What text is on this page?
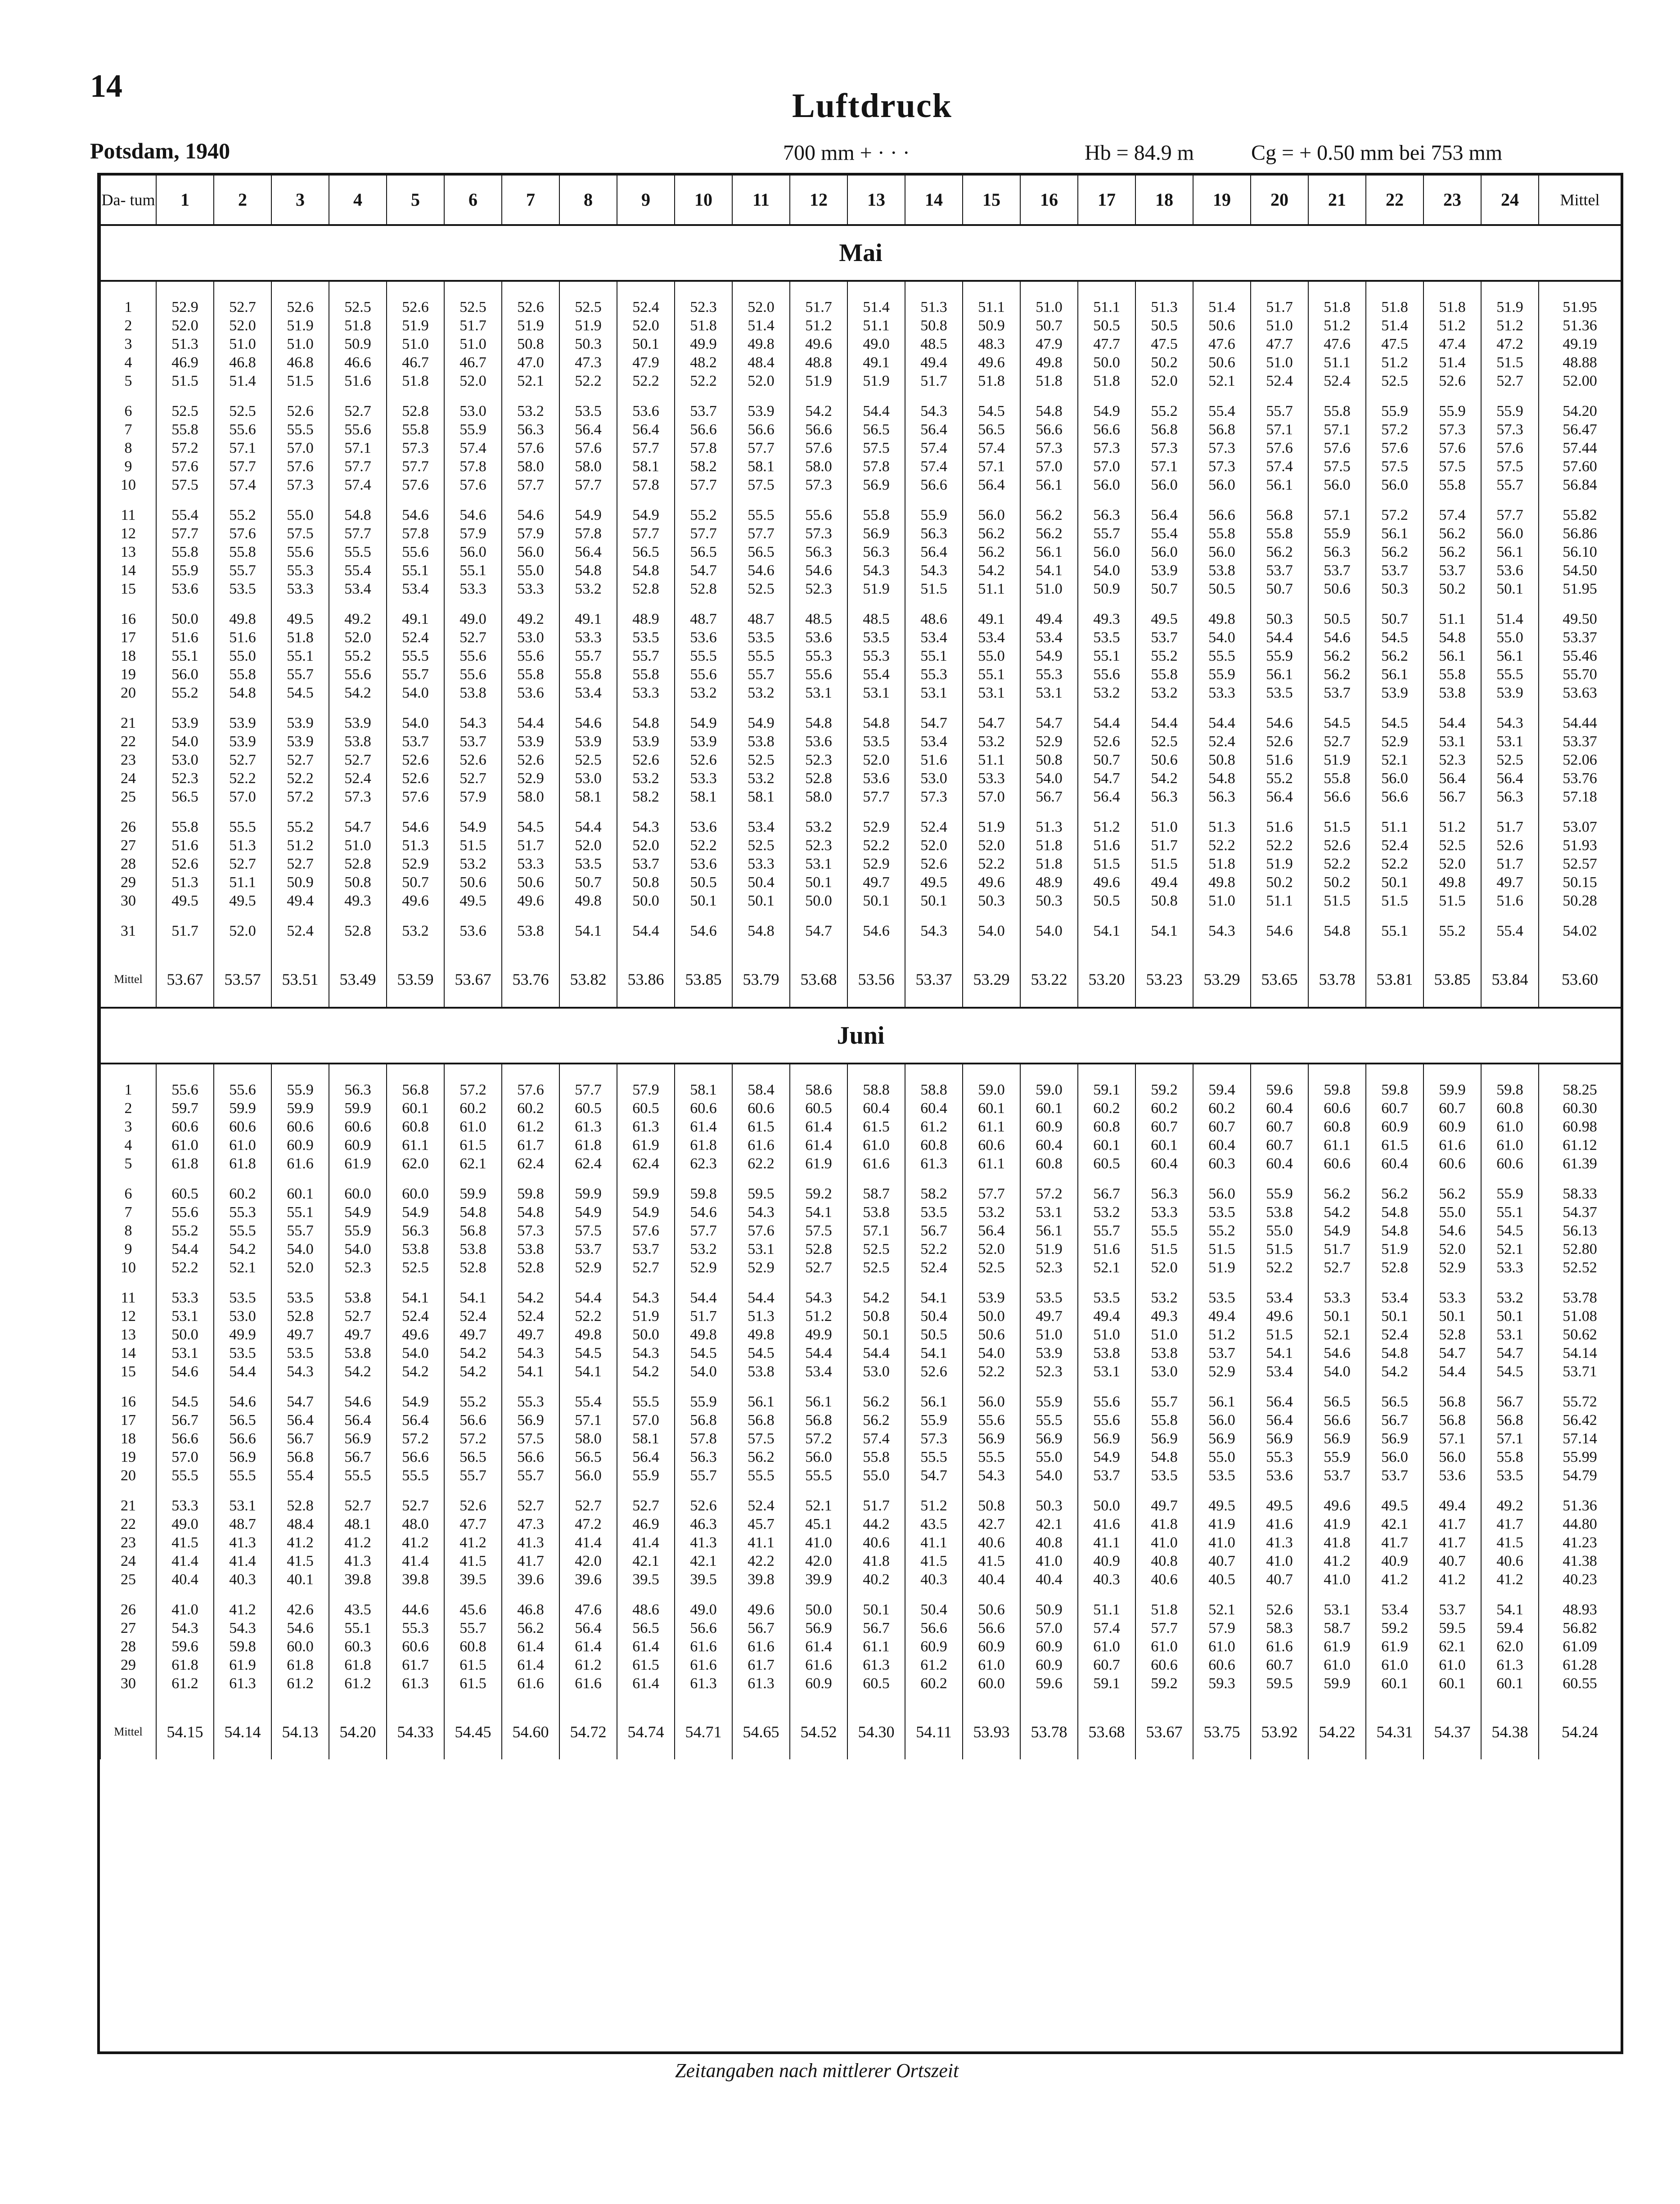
14
Luftdruck
Potsdam, 1940	700 mm + · · ·	Hb = 84.9 m	Cg = + 0.50 mm bei 753 mm
Da- tum	1	2	3	4	5	6	7	8	9	10	11	12	13	14	15	16	17	18	19	20	21	22	23	24	Mittel
Mai																									

1	52.9	52.7	52.6	52.5	52.6	52.5	52.6	52.5	52.4	52.3	52.0	51.7	51.4	51.3	51.1	51.0	51.1	51.3	51.4	51.7	51.8	51.8	51.8	51.9	51.95
2	52.0	52.0	51.9	51.8	51.9	51.7	51.9	51.9	52.0	51.8	51.4	51.2	51.1	50.8	50.9	50.7	50.5	50.5	50.6	51.0	51.2	51.4	51.2	51.2	51.36
3	51.3	51.0	51.0	50.9	51.0	51.0	50.8	50.3	50.1	49.9	49.8	49.6	49.0	48.5	48.3	47.9	47.7	47.5	47.6	47.7	47.6	47.5	47.4	47.2	49.19
4	46.9	46.8	46.8	46.6	46.7	46.7	47.0	47.3	47.9	48.2	48.4	48.8	49.1	49.4	49.6	49.8	50.0	50.2	50.6	51.0	51.1	51.2	51.4	51.5	48.88
5	51.5	51.4	51.5	51.6	51.8	52.0	52.1	52.2	52.2	52.2	52.0	51.9	51.9	51.7	51.8	51.8	51.8	52.0	52.1	52.4	52.4	52.5	52.6	52.7	52.00

6	52.5	52.5	52.6	52.7	52.8	53.0	53.2	53.5	53.6	53.7	53.9	54.2	54.4	54.3	54.5	54.8	54.9	55.2	55.4	55.7	55.8	55.9	55.9	55.9	54.20
7	55.8	55.6	55.5	55.6	55.8	55.9	56.3	56.4	56.4	56.6	56.6	56.6	56.5	56.4	56.5	56.6	56.6	56.8	56.8	57.1	57.1	57.2	57.3	57.3	56.47
8	57.2	57.1	57.0	57.1	57.3	57.4	57.6	57.6	57.7	57.8	57.7	57.6	57.5	57.4	57.4	57.3	57.3	57.3	57.3	57.6	57.6	57.6	57.6	57.6	57.44
9	57.6	57.7	57.6	57.7	57.7	57.8	58.0	58.0	58.1	58.2	58.1	58.0	57.8	57.4	57.1	57.0	57.0	57.1	57.3	57.4	57.5	57.5	57.5	57.5	57.60
10	57.5	57.4	57.3	57.4	57.6	57.6	57.7	57.7	57.8	57.7	57.5	57.3	56.9	56.6	56.4	56.1	56.0	56.0	56.0	56.1	56.0	56.0	55.8	55.7	56.84

11	55.4	55.2	55.0	54.8	54.6	54.6	54.6	54.9	54.9	55.2	55.5	55.6	55.8	55.9	56.0	56.2	56.3	56.4	56.6	56.8	57.1	57.2	57.4	57.7	55.82
12	57.7	57.6	57.5	57.7	57.8	57.9	57.9	57.8	57.7	57.7	57.7	57.3	56.9	56.3	56.2	56.2	55.7	55.4	55.8	55.8	55.9	56.1	56.2	56.0	56.86
13	55.8	55.8	55.6	55.5	55.6	56.0	56.0	56.4	56.5	56.5	56.5	56.3	56.3	56.4	56.2	56.1	56.0	56.0	56.0	56.2	56.3	56.2	56.2	56.1	56.10
14	55.9	55.7	55.3	55.4	55.1	55.1	55.0	54.8	54.8	54.7	54.6	54.6	54.3	54.3	54.2	54.1	54.0	53.9	53.8	53.7	53.7	53.7	53.7	53.6	54.50
15	53.6	53.5	53.3	53.4	53.4	53.3	53.3	53.2	52.8	52.8	52.5	52.3	51.9	51.5	51.1	51.0	50.9	50.7	50.5	50.7	50.6	50.3	50.2	50.1	51.95

16	50.0	49.8	49.5	49.2	49.1	49.0	49.2	49.1	48.9	48.7	48.7	48.5	48.5	48.6	49.1	49.4	49.3	49.5	49.8	50.3	50.5	50.7	51.1	51.4	49.50
17	51.6	51.6	51.8	52.0	52.4	52.7	53.0	53.3	53.5	53.6	53.5	53.6	53.5	53.4	53.4	53.4	53.5	53.7	54.0	54.4	54.6	54.5	54.8	55.0	53.37
18	55.1	55.0	55.1	55.2	55.5	55.6	55.6	55.7	55.7	55.5	55.5	55.3	55.3	55.1	55.0	54.9	55.1	55.2	55.5	55.9	56.2	56.2	56.1	56.1	55.46
19	56.0	55.8	55.7	55.6	55.7	55.6	55.8	55.8	55.8	55.6	55.7	55.6	55.4	55.3	55.1	55.3	55.6	55.8	55.9	56.1	56.2	56.1	55.8	55.5	55.70
20	55.2	54.8	54.5	54.2	54.0	53.8	53.6	53.4	53.3	53.2	53.2	53.1	53.1	53.1	53.1	53.1	53.2	53.2	53.3	53.5	53.7	53.9	53.8	53.9	53.63

21	53.9	53.9	53.9	53.9	54.0	54.3	54.4	54.6	54.8	54.9	54.9	54.8	54.8	54.7	54.7	54.7	54.4	54.4	54.4	54.6	54.5	54.5	54.4	54.3	54.44
22	54.0	53.9	53.9	53.8	53.7	53.7	53.9	53.9	53.9	53.9	53.8	53.6	53.5	53.4	53.2	52.9	52.6	52.5	52.4	52.6	52.7	52.9	53.1	53.1	53.37
23	53.0	52.7	52.7	52.7	52.6	52.6	52.6	52.5	52.6	52.6	52.5	52.3	52.0	51.6	51.1	50.8	50.7	50.6	50.8	51.6	51.9	52.1	52.3	52.5	52.06
24	52.3	52.2	52.2	52.4	52.6	52.7	52.9	53.0	53.2	53.3	53.2	52.8	53.6	53.0	53.3	54.0	54.7	54.2	54.8	55.2	55.8	56.0	56.4	56.4	53.76
25	56.5	57.0	57.2	57.3	57.6	57.9	58.0	58.1	58.2	58.1	58.1	58.0	57.7	57.3	57.0	56.7	56.4	56.3	56.3	56.4	56.6	56.6	56.7	56.3	57.18

26	55.8	55.5	55.2	54.7	54.6	54.9	54.5	54.4	54.3	53.6	53.4	53.2	52.9	52.4	51.9	51.3	51.2	51.0	51.3	51.6	51.5	51.1	51.2	51.7	53.07
27	51.6	51.3	51.2	51.0	51.3	51.5	51.7	52.0	52.0	52.2	52.5	52.3	52.2	52.0	52.0	51.8	51.6	51.7	52.2	52.2	52.6	52.4	52.5	52.6	51.93
28	52.6	52.7	52.7	52.8	52.9	53.2	53.3	53.5	53.7	53.6	53.3	53.1	52.9	52.6	52.2	51.8	51.5	51.5	51.8	51.9	52.2	52.2	52.0	51.7	52.57
29	51.3	51.1	50.9	50.8	50.7	50.6	50.6	50.7	50.8	50.5	50.4	50.1	49.7	49.5	49.6	48.9	49.6	49.4	49.8	50.2	50.2	50.1	49.8	49.7	50.15
30	49.5	49.5	49.4	49.3	49.6	49.5	49.6	49.8	50.0	50.1	50.1	50.0	50.1	50.1	50.3	50.3	50.5	50.8	51.0	51.1	51.5	51.5	51.5	51.6	50.28

31	51.7	52.0	52.4	52.8	53.2	53.6	53.8	54.1	54.4	54.6	54.8	54.7	54.6	54.3	54.0	54.0	54.1	54.1	54.3	54.6	54.8	55.1	55.2	55.4	54.02

Mittel	53.67	53.57	53.51	53.49	53.59	53.67	53.76	53.82	53.86	53.85	53.79	53.68	53.56	53.37	53.29	53.22	53.20	53.23	53.29	53.65	53.78	53.81	53.85	53.84	53.60
Juni																									

1	55.6	55.6	55.9	56.3	56.8	57.2	57.6	57.7	57.9	58.1	58.4	58.6	58.8	58.8	59.0	59.0	59.1	59.2	59.4	59.6	59.8	59.8	59.9	59.8	58.25
2	59.7	59.9	59.9	59.9	60.1	60.2	60.2	60.5	60.5	60.6	60.6	60.5	60.4	60.4	60.1	60.1	60.2	60.2	60.2	60.4	60.6	60.7	60.7	60.8	60.30
3	60.6	60.6	60.6	60.6	60.8	61.0	61.2	61.3	61.3	61.4	61.5	61.4	61.5	61.2	61.1	60.9	60.8	60.7	60.7	60.7	60.8	60.9	60.9	61.0	60.98
4	61.0	61.0	60.9	60.9	61.1	61.5	61.7	61.8	61.9	61.8	61.6	61.4	61.0	60.8	60.6	60.4	60.1	60.1	60.4	60.7	61.1	61.5	61.6	61.0	61.12
5	61.8	61.8	61.6	61.9	62.0	62.1	62.4	62.4	62.4	62.3	62.2	61.9	61.6	61.3	61.1	60.8	60.5	60.4	60.3	60.4	60.6	60.4	60.6	60.6	61.39

6	60.5	60.2	60.1	60.0	60.0	59.9	59.8	59.9	59.9	59.8	59.5	59.2	58.7	58.2	57.7	57.2	56.7	56.3	56.0	55.9	56.2	56.2	56.2	55.9	58.33
7	55.6	55.3	55.1	54.9	54.9	54.8	54.8	54.9	54.9	54.6	54.3	54.1	53.8	53.5	53.2	53.1	53.2	53.3	53.5	53.8	54.2	54.8	55.0	55.1	54.37
8	55.2	55.5	55.7	55.9	56.3	56.8	57.3	57.5	57.6	57.7	57.6	57.5	57.1	56.7	56.4	56.1	55.7	55.5	55.2	55.0	54.9	54.8	54.6	54.5	56.13
9	54.4	54.2	54.0	54.0	53.8	53.8	53.8	53.7	53.7	53.2	53.1	52.8	52.5	52.2	52.0	51.9	51.6	51.5	51.5	51.5	51.7	51.9	52.0	52.1	52.80
10	52.2	52.1	52.0	52.3	52.5	52.8	52.8	52.9	52.7	52.9	52.9	52.7	52.5	52.4	52.5	52.3	52.1	52.0	51.9	52.2	52.7	52.8	52.9	53.3	52.52

11	53.3	53.5	53.5	53.8	54.1	54.1	54.2	54.4	54.3	54.4	54.4	54.3	54.2	54.1	53.9	53.5	53.5	53.2	53.5	53.4	53.3	53.4	53.3	53.2	53.78
12	53.1	53.0	52.8	52.7	52.4	52.4	52.4	52.2	51.9	51.7	51.3	51.2	50.8	50.4	50.0	49.7	49.4	49.3	49.4	49.6	50.1	50.1	50.1	50.1	51.08
13	50.0	49.9	49.7	49.7	49.6	49.7	49.7	49.8	50.0	49.8	49.8	49.9	50.1	50.5	50.6	51.0	51.0	51.0	51.2	51.5	52.1	52.4	52.8	53.1	50.62
14	53.1	53.5	53.5	53.8	54.0	54.2	54.3	54.5	54.3	54.5	54.5	54.4	54.4	54.1	54.0	53.9	53.8	53.8	53.7	54.1	54.6	54.8	54.7	54.7	54.14
15	54.6	54.4	54.3	54.2	54.2	54.2	54.1	54.1	54.2	54.0	53.8	53.4	53.0	52.6	52.2	52.3	53.1	53.0	52.9	53.4	54.0	54.2	54.4	54.5	53.71

16	54.5	54.6	54.7	54.6	54.9	55.2	55.3	55.4	55.5	55.9	56.1	56.1	56.2	56.1	56.0	55.9	55.6	55.7	56.1	56.4	56.5	56.5	56.8	56.7	55.72
17	56.7	56.5	56.4	56.4	56.4	56.6	56.9	57.1	57.0	56.8	56.8	56.8	56.2	55.9	55.6	55.5	55.6	55.8	56.0	56.4	56.6	56.7	56.8	56.8	56.42
18	56.6	56.6	56.7	56.9	57.2	57.2	57.5	58.0	58.1	57.8	57.5	57.2	57.4	57.3	56.9	56.9	56.9	56.9	56.9	56.9	56.9	56.9	57.1	57.1	57.14
19	57.0	56.9	56.8	56.7	56.6	56.5	56.6	56.5	56.4	56.3	56.2	56.0	55.8	55.5	55.5	55.0	54.9	54.8	55.0	55.3	55.9	56.0	56.0	55.8	55.99
20	55.5	55.5	55.4	55.5	55.5	55.7	55.7	56.0	55.9	55.7	55.5	55.5	55.0	54.7	54.3	54.0	53.7	53.5	53.5	53.6	53.7	53.7	53.6	53.5	54.79

21	53.3	53.1	52.8	52.7	52.7	52.6	52.7	52.7	52.7	52.6	52.4	52.1	51.7	51.2	50.8	50.3	50.0	49.7	49.5	49.5	49.6	49.5	49.4	49.2	51.36
22	49.0	48.7	48.4	48.1	48.0	47.7	47.3	47.2	46.9	46.3	45.7	45.1	44.2	43.5	42.7	42.1	41.6	41.8	41.9	41.6	41.9	42.1	41.7	41.7	44.80
23	41.5	41.3	41.2	41.2	41.2	41.2	41.3	41.4	41.4	41.3	41.1	41.0	40.6	41.1	40.6	40.8	41.1	41.0	41.0	41.3	41.8	41.7	41.7	41.5	41.23
24	41.4	41.4	41.5	41.3	41.4	41.5	41.7	42.0	42.1	42.1	42.2	42.0	41.8	41.5	41.5	41.0	40.9	40.8	40.7	41.0	41.2	40.9	40.7	40.6	41.38
25	40.4	40.3	40.1	39.8	39.8	39.5	39.6	39.6	39.5	39.5	39.8	39.9	40.2	40.3	40.4	40.4	40.3	40.6	40.5	40.7	41.0	41.2	41.2	41.2	40.23

26	41.0	41.2	42.6	43.5	44.6	45.6	46.8	47.6	48.6	49.0	49.6	50.0	50.1	50.4	50.6	50.9	51.1	51.8	52.1	52.6	53.1	53.4	53.7	54.1	48.93
27	54.3	54.3	54.6	55.1	55.3	55.7	56.2	56.4	56.5	56.6	56.7	56.9	56.7	56.6	56.6	57.0	57.4	57.7	57.9	58.3	58.7	59.2	59.5	59.4	56.82
28	59.6	59.8	60.0	60.3	60.6	60.8	61.4	61.4	61.4	61.6	61.6	61.4	61.1	60.9	60.9	60.9	61.0	61.0	61.0	61.6	61.9	61.9	62.1	62.0	61.09
29	61.8	61.9	61.8	61.8	61.7	61.5	61.4	61.2	61.5	61.6	61.7	61.6	61.3	61.2	61.0	60.9	60.7	60.6	60.6	60.7	61.0	61.0	61.0	61.3	61.28
30	61.2	61.3	61.2	61.2	61.3	61.5	61.6	61.6	61.4	61.3	61.3	60.9	60.5	60.2	60.0	59.6	59.1	59.2	59.3	59.5	59.9	60.1	60.1	60.1	60.55

Mittel	54.15	54.14	54.13	54.20	54.33	54.45	54.60	54.72	54.74	54.71	54.65	54.52	54.30	54.11	53.93	53.78	53.68	53.67	53.75	53.92	54.22	54.31	54.37	54.38	54.24
Zeitangaben nach mittlerer Ortszeit
